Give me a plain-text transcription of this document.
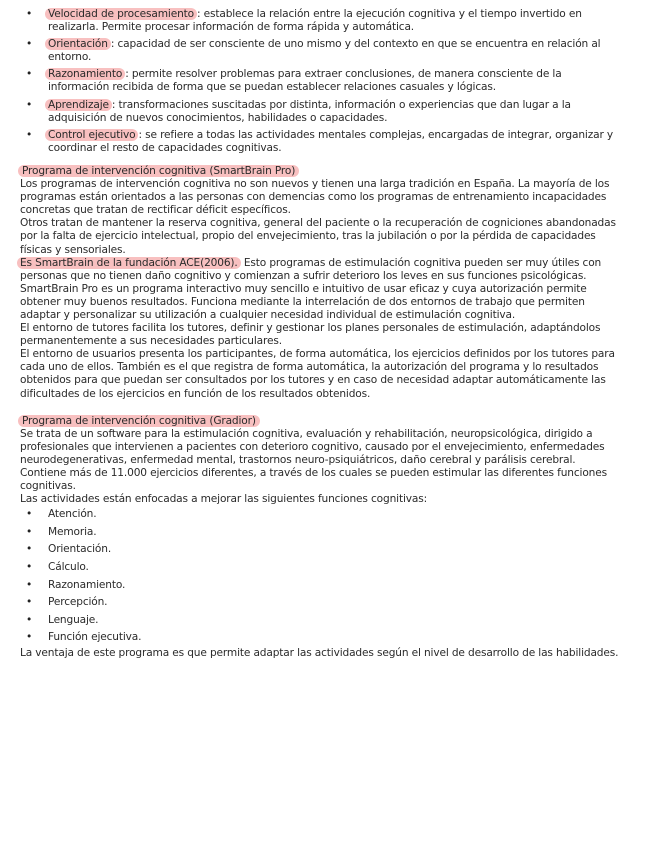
• Velocidad de procesamiento : establece la relación entre la ejecución cognitiva y el tiempo invertido en realizarla. Permite procesar información de forma rápida y automática.
• Orientación : capacidad de ser consciente de uno mismo y del contexto en que se encuentra en relación al entorno.
• Razonamiento : permite resolver problemas para extraer conclusiones, de manera consciente de la información recibida de forma que se puedan establecer relaciones casuales y lógicas.
• Aprendizaje : transformaciones suscitadas por distinta, información o experiencias que dan lugar a la adquisición de nuevos conocimientos, habilidades o capacidades.
• Control ejecutivo : se refiere a todas las actividades mentales complejas, encargadas de integrar, organizar y coordinar el resto de capacidades cognitivas.
Programa de intervención cognitiva (SmartBrain Pro)

Los programas de intervención cognitiva no son nuevos y tienen una larga tradición en España. La mayoría de los programas están orientados a las personas con demencias como los programas de entrenamiento incapacidades concretas que tratan de rectificar déficit específicos.

Otros tratan de mantener la reserva cognitiva, general del paciente o la recuperación de cogniciones abandonadas por la falta de ejercicio intelectual, propio del envejecimiento, tras la jubilación o por la pérdida de capacidades físicas y sensoriales.

Es SmartBrain de la fundación ACE(2006). Esto programas de estimulación cognitiva pueden ser muy útiles con personas que no tienen daño cognitivo y comienzan a sufrir deterioro los leves en sus funciones psicológicas.

SmartBrain Pro es un programa interactivo muy sencillo e intuitivo de usar eficaz y cuya autorización permite obtener muy buenos resultados. Funciona mediante la interrelación de dos entornos de trabajo que permiten adaptar y personalizar su utilización a cualquier necesidad individual de estimulación cognitiva.

El entorno de tutores facilita los tutores, definir y gestionar los planes personales de estimulación, adaptándolos permanentemente a sus necesidades particulares.

El entorno de usuarios presenta los participantes, de forma automática, los ejercicios definidos por los tutores para cada uno de ellos. También es el que registra de forma automática, la autorización del programa y lo resultados obtenidos para que puedan ser consultados por los tutores y en caso de necesidad adaptar automáticamente las dificultades de los ejercicios en función de los resultados obtenidos.

Programa de intervención cognitiva (Gradior)

Se trata de un software para la estimulación cognitiva, evaluación y rehabilitación, neuropsicológica, dirigido a profesionales que intervienen a pacientes con deterioro cognitivo, causado por el envejecimiento, enfermedades neurodegenerativas, enfermedad mental, trastornos neuro-psiquiátricos, daño cerebral y parálisis cerebral.

Contiene más de 11.000 ejercicios diferentes, a través de los cuales se pueden estimular las diferentes funciones cognitivas.

Las actividades están enfocadas a mejorar las siguientes funciones cognitivas:

• Atención.
• Memoria.
• Orientación.
• Cálculo.
• Razonamiento.
• Percepción.
• Lenguaje.
• Función ejecutiva.

La ventaja de este programa es que permite adaptar las actividades según el nivel de desarrollo de las habilidades.
